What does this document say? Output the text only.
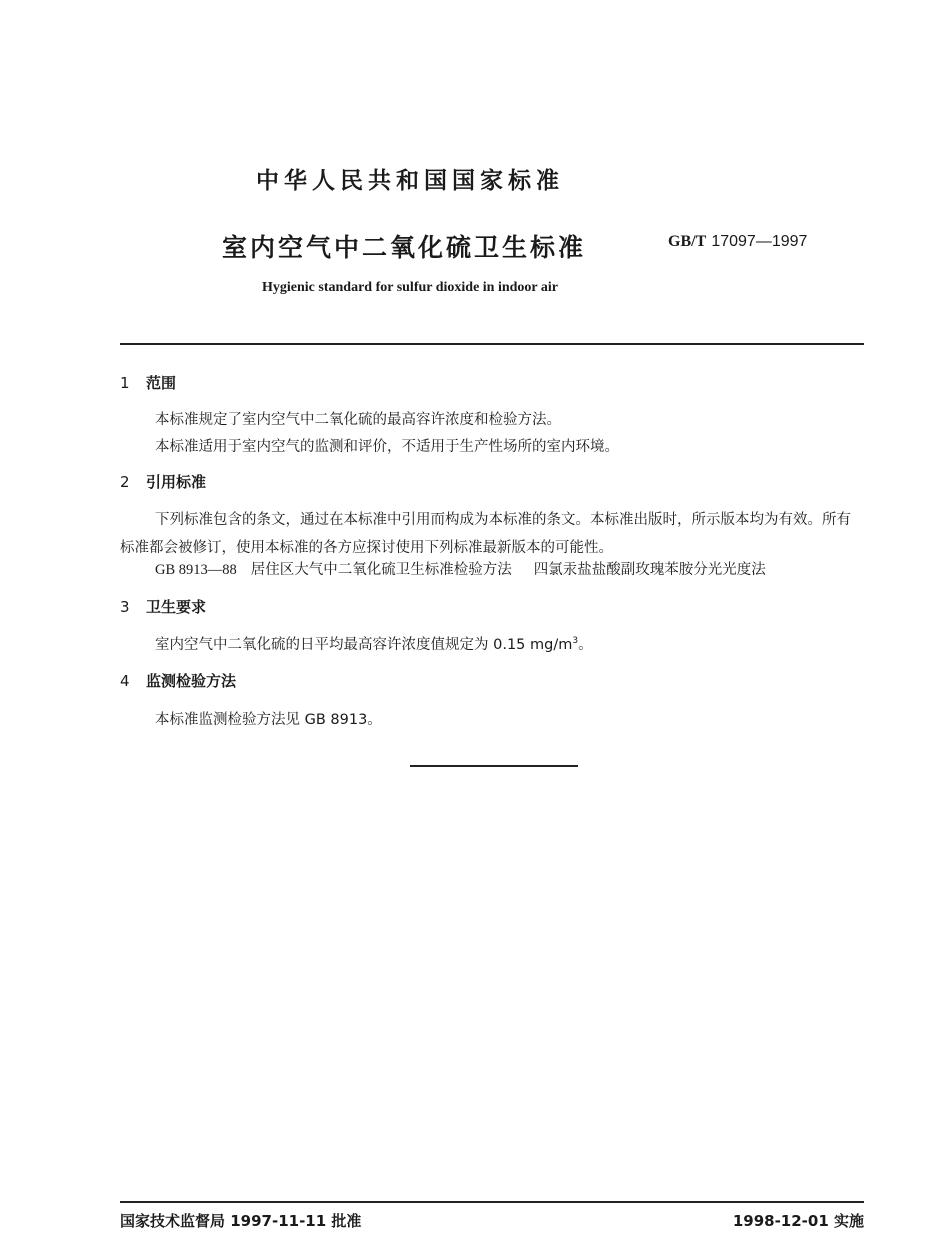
中华人民共和国国家标准
室内空气中二氧化硫卫生标准	GB/T 17097—1997
Hygienic standard for sulfur dioxide in indoor air
1 范围
本标准规定了室内空气中二氧化硫的最高容许浓度和检验方法。
本标准适用于室内空气的监测和评价，不适用于生产性场所的室内环境。
2 引用标准
下列标准包含的条文，通过在本标准中引用而构成为本标准的条文。本标准出版时，所示版本均为有效。所有标准都会被修订，使用本标准的各方应探讨使用下列标准最新版本的可能性。
GB 8913—88 居住区大气中二氧化硫卫生标准检验方法 四氯汞盐盐酸副玫瑰苯胺分光光度法
3 卫生要求
室内空气中二氧化硫的日平均最高容许浓度值规定为 0.15 $mg/m^3$。
4 监测检验方法
本标准监测检验方法见 GB 8913。
国家技术监督局 1997-11-11 批准	1998-12-01 实施
